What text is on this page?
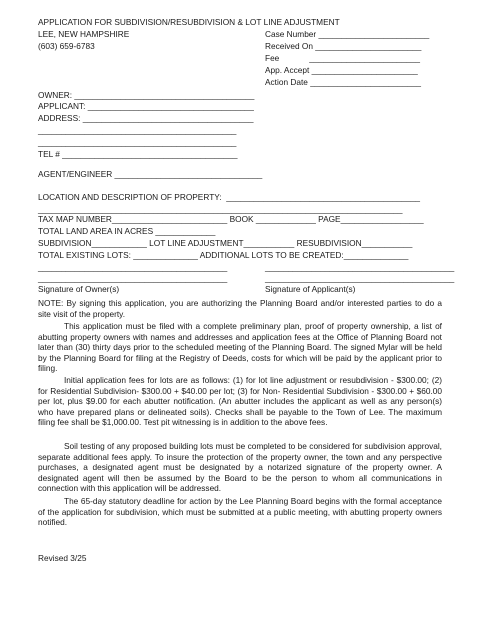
APPLICATION FOR SUBDIVISION/RESUBDIVISION & LOT LINE ADJUSTMENT
LEE, NEW HAMPSHIRE
(603) 659-6783
Case Number ________________________
Received On _______________________
Fee             ________________________
App. Accept _______________________
Action Date ________________________
OWNER: _______________________________________
APPLICANT: ____________________________________
ADDRESS: _____________________________________
___________________________________________
___________________________________________
TEL # ______________________________________
AGENT/ENGINEER ________________________________
LOCATION AND DESCRIPTION OF PROPERTY:  __________________________________________
_______________________________________________________________________________
TAX MAP NUMBER_________________________ BOOK _____________ PAGE__________________
TOTAL LAND AREA IN ACRES _____________
SUBDIVISION____________ LOT LINE ADJUSTMENT___________ RESUBDIVISION___________
TOTAL EXISTING LOTS: ______________ ADDITIONAL LOTS TO BE CREATED:______________
_________________________________________	_________________________________________
_________________________________________	_________________________________________
Signature of Owner(s)	Signature of Applicant(s)
NOTE: By signing this application, you are authorizing the Planning Board and/or interested parties to do a site visit of the property.
This application must be filed with a complete preliminary plan, proof of property ownership, a list of abutting property owners with names and addresses and application fees at the Office of Planning Board not later than (30) thirty days prior to the scheduled meeting of the Planning Board. The signed Mylar will be held by the Planning Board for filing at the Registry of Deeds, costs for which will be paid by the applicant prior to filing.
Initial application fees for lots are as follows: (1) for lot line adjustment or resubdivision - $300.00; (2) for Residential Subdivision- $300.00 + $40.00 per lot; (3) for Non- Residential Subdivision - $300.00 + $60.00 per lot, plus $9.00 for each abutter notification. (An abutter includes the applicant as well as any person(s) who have prepared plans or delineated soils). Checks shall be payable to the Town of Lee. The maximum filing fee shall be $1,000.00. Test pit witnessing is in addition to the above fees.
Soil testing of any proposed building lots must be completed to be considered for subdivision approval, separate additional fees apply. To insure the protection of the property owner, the town and any perspective purchases, a designated agent must be designated by a notarized signature of the property owner. A designated agent will then be assumed by the Board to be the person to whom all communications in connection with this application will be addressed.
The 65-day statutory deadline for action by the Lee Planning Board begins with the formal acceptance of the application for subdivision, which must be submitted at a public meeting, with abutting property owners notified.
Revised 3/25
